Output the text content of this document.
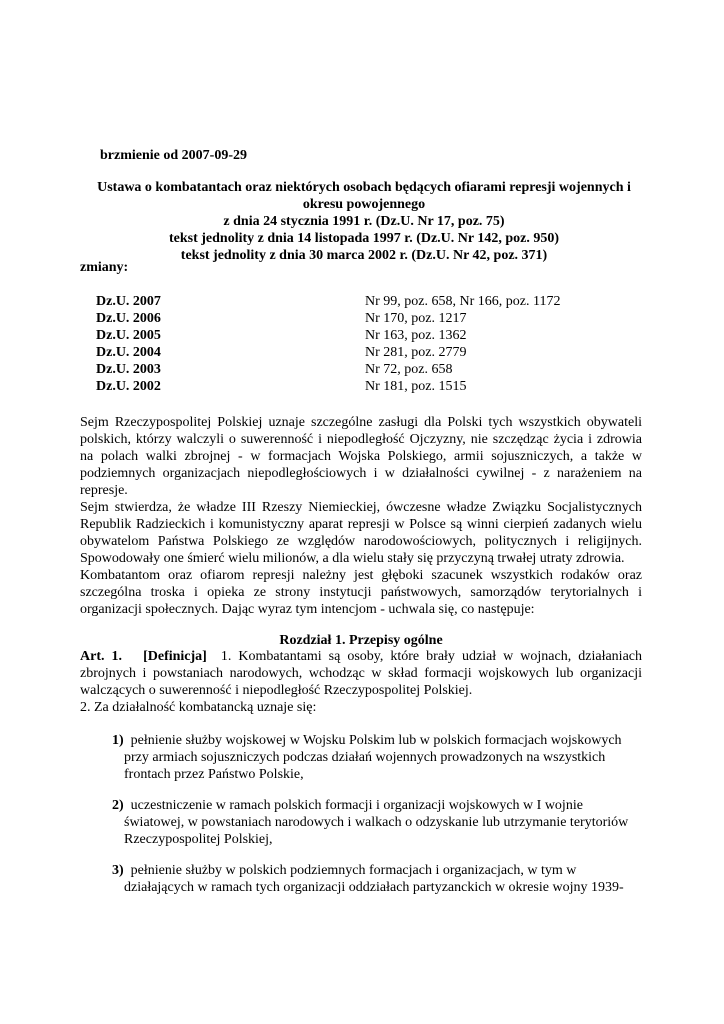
brzmienie od 2007-09-29
Ustawa o kombatantach oraz niektórych osobach będących ofiarami represji wojennych i
okresu powojennego
z dnia 24 stycznia 1991 r. (Dz.U. Nr 17, poz. 75)
tekst jednolity z dnia 14 listopada 1997 r. (Dz.U. Nr 142, poz. 950)
tekst jednolity z dnia 30 marca 2002 r. (Dz.U. Nr 42, poz. 371)
zmiany:
Dz.U. 2007	Nr 99, poz. 658, Nr 166, poz. 1172
Dz.U. 2006	Nr 170, poz. 1217
Dz.U. 2005	Nr 163, poz. 1362
Dz.U. 2004	Nr 281, poz. 2779
Dz.U. 2003	Nr 72, poz. 658
Dz.U. 2002	Nr 181, poz. 1515
Sejm Rzeczypospolitej Polskiej uznaje szczególne zasługi dla Polski tych wszystkich obywateli
polskich, którzy walczyli o suwerenność i niepodległość Ojczyzny, nie szczędząc życia i zdrowia
na polach walki zbrojnej - w formacjach Wojska Polskiego, armii sojuszniczych, a także w
podziemnych organizacjach niepodległościowych i w działalności cywilnej - z narażeniem na
represje.
Sejm stwierdza, że władze III Rzeszy Niemieckiej, ówczesne władze Związku Socjalistycznych
Republik Radzieckich i komunistyczny aparat represji w Polsce są winni cierpień zadanych wielu
obywatelom Państwa Polskiego ze względów narodowościowych, politycznych i religijnych.
Spowodowały one śmierć wielu milionów, a dla wielu stały się przyczyną trwałej utraty zdrowia.
Kombatantom oraz ofiarom represji należny jest głęboki szacunek wszystkich rodaków oraz
szczególna troska i opieka ze strony instytucji państwowych, samorządów terytorialnych i
organizacji społecznych. Dając wyraz tym intencjom - uchwala się, co następuje:
Rozdział 1. Przepisy ogólne
Art. 1. [Definicja] 1. Kombatantami są osoby, które brały udział w wojnach, działaniach
zbrojnych i powstaniach narodowych, wchodząc w skład formacji wojskowych lub organizacji
walczących o suwerenność i niepodległość Rzeczypospolitej Polskiej.
2. Za działalność kombatancką uznaje się:
1) pełnienie służby wojskowej w Wojsku Polskim lub w polskich formacjach wojskowych
przy armiach sojuszniczych podczas działań wojennych prowadzonych na wszystkich
frontach przez Państwo Polskie,
2) uczestniczenie w ramach polskich formacji i organizacji wojskowych w I wojnie
światowej, w powstaniach narodowych i walkach o odzyskanie lub utrzymanie terytoriów
Rzeczypospolitej Polskiej,
3) pełnienie służby w polskich podziemnych formacjach i organizacjach, w tym w
działających w ramach tych organizacji oddziałach partyzanckich w okresie wojny 1939-
